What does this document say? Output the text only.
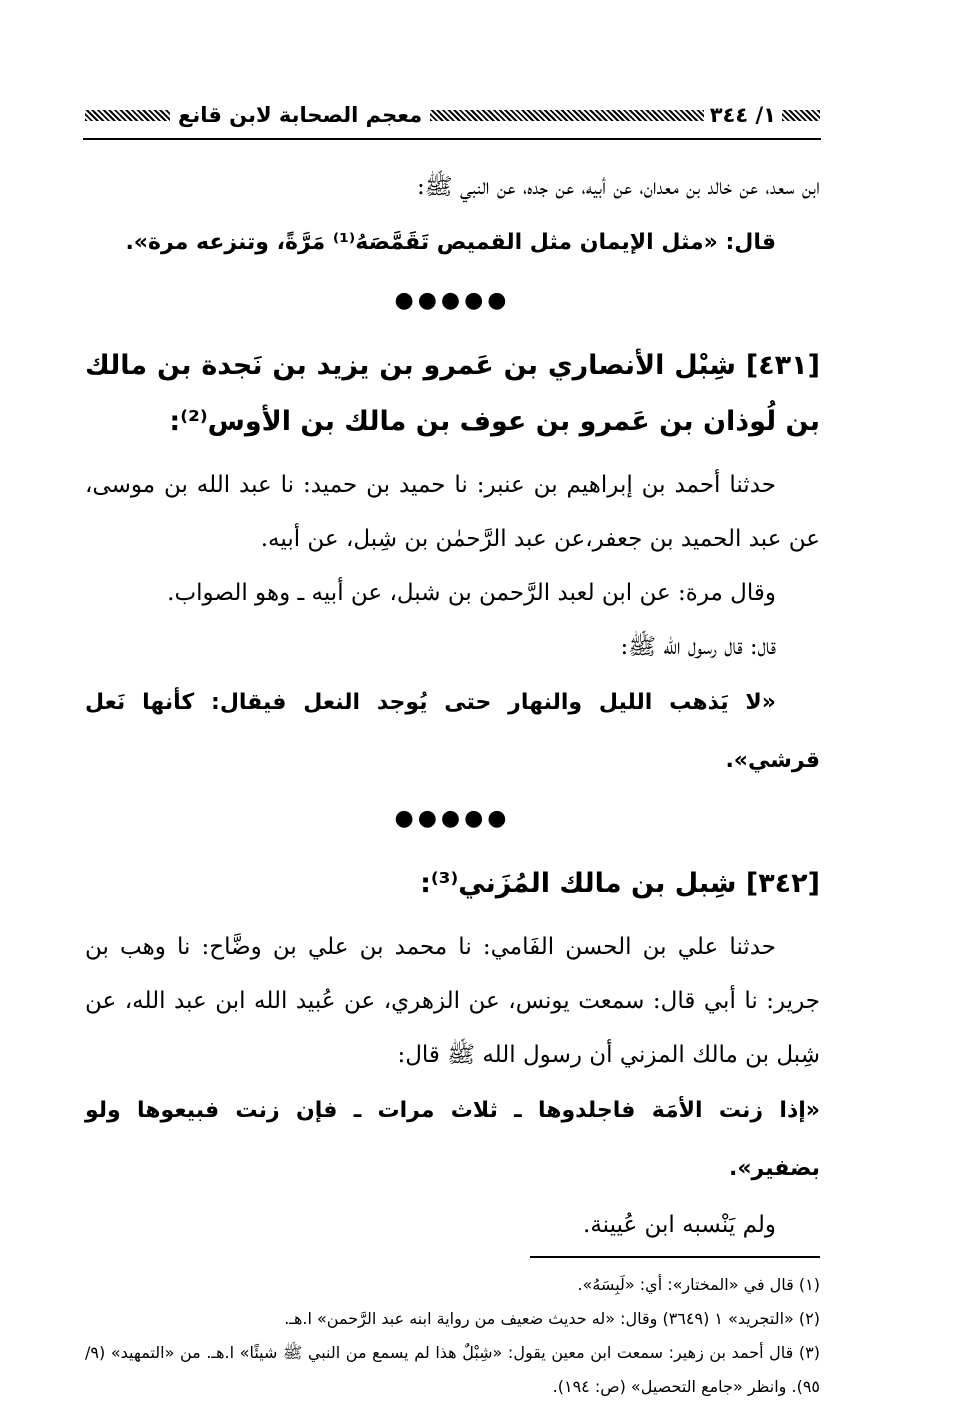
١/ ٣٤٤
معجم الصحابة لابن قانع

ابن سعد، عن خالد بن معدان، عن أبيه، عن جده، عن النبي ﷺ:

قال: «مثل الإيمان مثل القميص تَقَمَّصَهُ⁽¹⁾ مَرَّةً، وتنزعه مرة».

●●●●●

[٤٣١] شِبْل الأنصاري بن عَمرو بن يزيد بن نَجدة بن مالك بن لُوذان بن عَمرو بن عوف بن مالك بن الأوس⁽²⁾:

حدثنا أحمد بن إبراهيم بن عنبر: نا حميد بن حميد: نا عبد الله بن موسى، عن عبد الحميد بن جعفر،عن عبد الرَّحمٰن بن شِبل، عن أبيه.

وقال مرة: عن ابن لعبد الرَّحمن بن شبل، عن أبيه ـ وهو الصواب.

قال: قال رسول الله ﷺ:

«لا يَذهب الليل والنهار حتى يُوجد النعل فيقال: كأنها نَعل قرشي».

●●●●●

[٣٤٢] شِبل بن مالك المُزَني⁽³⁾:

حدثنا علي بن الحسن الفَامي: نا محمد بن علي بن وضَّاح: نا وهب بن جرير: نا أبي قال: سمعت يونس، عن الزهري، عن عُبيد الله ابن عبد الله، عن شِبل بن مالك المزني أن رسول الله ﷺ قال:

«إذا زنت الأمَة فاجلدوها ـ ثلاث مرات ـ فإن زنت فبيعوها ولو بضفير».

ولم يَنْسبه ابن عُيينة.

(١) قال في «المختار»: أي: «لَبِسَهُ».

(٢) «التجريد» ١ (٣٦٤٩) وقال: «له حديث ضعيف من رواية ابنه عبد الرَّحمن» ا.هـ.

(٣) قال أحمد بن زهير: سمعت ابن معين يقول: «شِبْلٌ هذا لم يسمع من النبي ﷺ شيئًا» ا.هـ. من «التمهيد» (٩/ ٩٥). وانظر «جامع التحصيل» (ص: ١٩٤).
